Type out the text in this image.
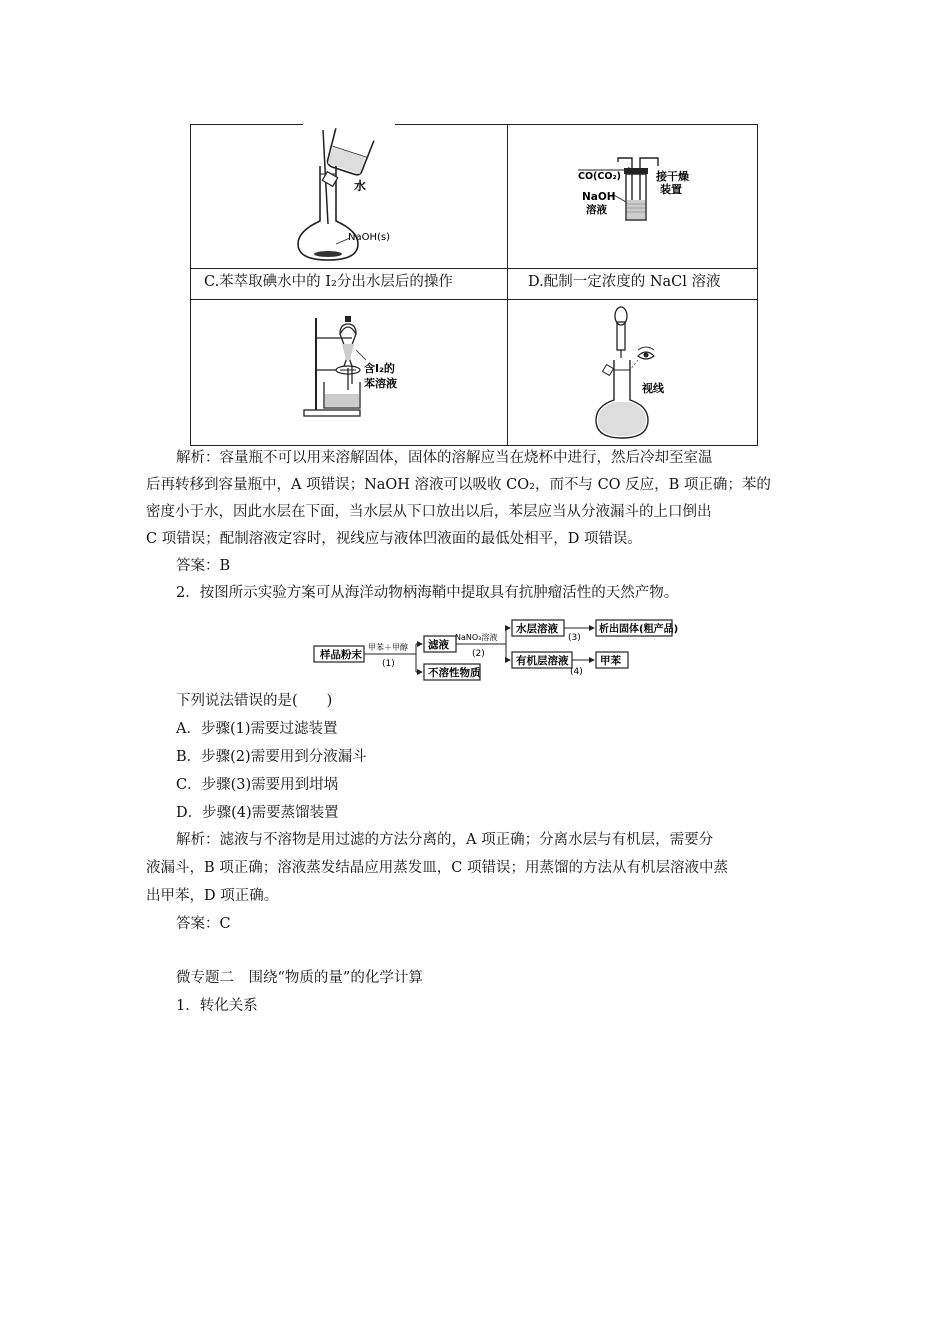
水
NaOH(s)
CO(CO₂)	接干燥
装置
NaOH
溶液
C.苯萃取碘水中的 I₂分出水层后的操作	D.配制一定浓度的 NaCl 溶液
含I₂的
苯溶液	视线
解析：容量瓶不可以用来溶解固体，固体的溶解应当在烧杯中进行，然后冷却至室温
后再转移到容量瓶中，A 项错误；NaOH 溶液可以吸收 CO₂，而不与 CO 反应，B 项正确；苯的
密度小于水，因此水层在下面，当水层从下口放出以后，苯层应当从分液漏斗的上口倒出
C 项错误；配制溶液定容时，视线应与液体凹液面的最低处相平，D 项错误。
答案：B
2．按图所示实验方案可从海洋动物柄海鞘中提取具有抗肿瘤活性的天然产物。
样品粉末
甲苯＋甲醇
(1)
滤液
不溶性物质
NaNO₃溶液
(2)
水层溶液
有机层溶液
(3)
析出固体(粗产品)
(4)
甲苯
下列说法错误的是(　　)
A．步骤(1)需要过滤装置
B．步骤(2)需要用到分液漏斗
C．步骤(3)需要用到坩埚
D．步骤(4)需要蒸馏装置
解析：滤液与不溶物是用过滤的方法分离的，A 项正确；分离水层与有机层，需要分
液漏斗，B 项正确；溶液蒸发结晶应用蒸发皿，C 项错误；用蒸馏的方法从有机层溶液中蒸
出甲苯，D 项正确。
答案：C
微专题二　围绕“物质的量”的化学计算
1．转化关系
